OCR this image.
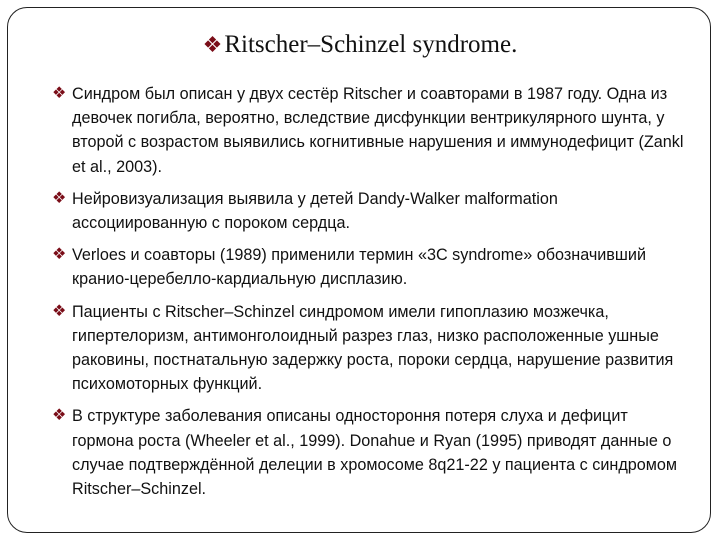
❖Ritscher–Schinzel syndrome.
❖ Синдром был описан у двух сестёр Ritscher и соавторами в 1987 году. Одна из девочек погибла, вероятно, вследствие дисфункции вентрикулярного шунта, у второй с возрастом выявились когнитивные нарушения и иммунодефицит (Zankl et al., 2003).
❖ Нейровизуализация выявила у детей Dandy-Walker malformation ассоциированную с пороком сердца.
❖ Verloes и соавторы (1989) применили термин «3C syndrome» обозначивший кранио-церебелло-кардиальную дисплазию.
❖ Пациенты с Ritscher–Schinzel синдромом имели гипоплазию мозжечка, гипертелоризм, антимонголоидный разрез глаз, низко расположенные ушные раковины, постнатальную задержку роста, пороки сердца, нарушение развития психомоторных функций.
❖ В структуре заболевания описаны одностороння потеря слуха и дефицит гормона роста (Wheeler et al., 1999). Donahue и Ryan (1995) приводят данные о случае подтверждённой делеции в хромосоме 8q21-22 у пациента с синдромом Ritscher–Schinzel.
